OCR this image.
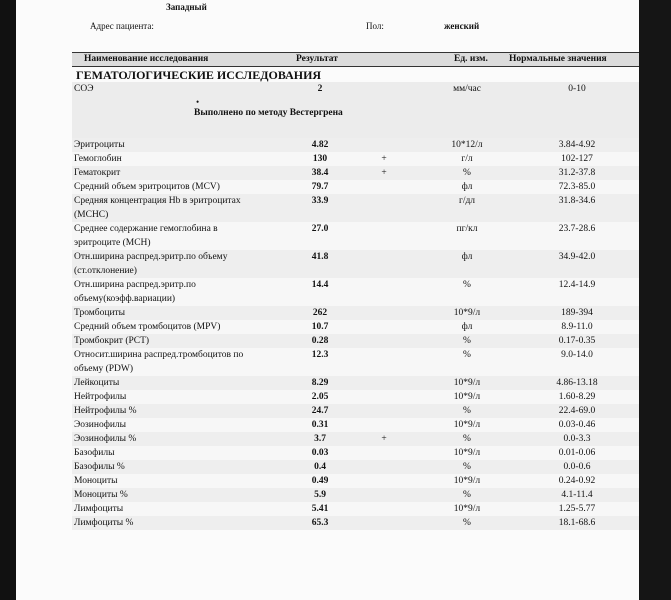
Западный
Адрес пациента:	Пол:	женский
Наименование исследования	Результат	Ед. изм. Нормальные значения
ГЕМАТОЛОГИЧЕСКИЕ ИССЛЕДОВАНИЯ
СОЭ	2	мм/час	0-10
•
Выполнено по методу Вестергрена
Эритроциты	4.82	10*12/л	3.84-4.92
Гемоглобин	130	+	г/л	102-127
Гематокрит	38.4	+	%	31.2-37.8
Средний объем эритроцитов (MCV)	79.7	фл	72.3-85.0
Средняя концентрация Hb в эритроцитах (MCHC)
33.9	г/дл	31.8-34.6
Среднее содержание гемоглобина в эритроците (MCH)
27.0	пг/кл	23.7-28.6
Отн.ширина распред.эритр.по объему (ст.отклонение)
41.8	фл	34.9-42.0
Отн.ширина распред.эритр.по объему(коэфф.вариации)
14.4	%	12.4-14.9
Тромбоциты	262	10*9/л	189-394
Средний объем тромбоцитов (MPV)	10.7	фл	8.9-11.0
Тромбокрит (PCT)	0.28	%	0.17-0.35
Относит.ширина распред.тромбоцитов по объему (PDW)
12.3	%	9.0-14.0
Лейкоциты	8.29	10*9/л	4.86-13.18
Нейтрофилы	2.05	10*9/л	1.60-8.29
Нейтрофилы %	24.7	%	22.4-69.0
Эозинофилы	0.31	10*9/л	0.03-0.46
Эозинофилы %	3.7	+	%	0.0-3.3
Базофилы	0.03	10*9/л	0.01-0.06
Базофилы %	0.4	%	0.0-0.6
Моноциты	0.49	10*9/л	0.24-0.92
Моноциты %	5.9	%	4.1-11.4
Лимфоциты	5.41	10*9/л	1.25-5.77
Лимфоциты %	65.3	%	18.1-68.6
